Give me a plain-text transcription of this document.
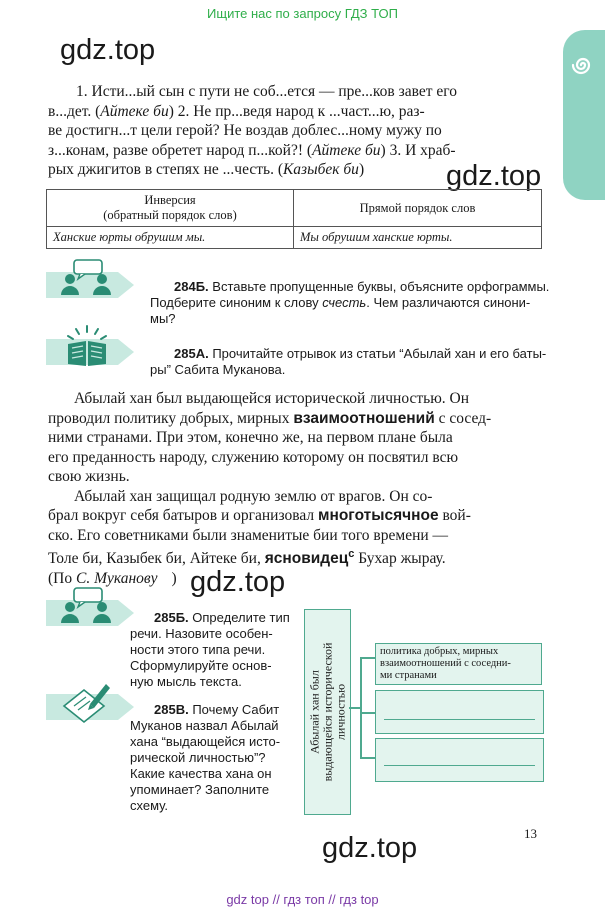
Ищите нас по запросу ГДЗ ТОП
gdz.top
1. Исти...ый сын с пути не соб...ется — пре...ков завет его
в...дет. (Айтеке би) 2. Не пр...ведя народ к ...част...ю, раз-
ве достигн...т цели герой? Не воздав доблес...ному мужу по
з...конам, разве обретет народ п...кой?! (Айтеке би) 3. И храб-
рых джигитов в степях не ...честь. (Казыбек би)	gdz.top
Инверсия
(обратный порядок слов)	Прямой порядок слов
Ханские юрты обрушим мы.	Мы обрушим ханские юрты.
284Б. Вставьте пропущенные буквы, объясните орфограммы.
Подберите синоним к слову счесть. Чем различаются синони-
мы?
285А. Прочитайте отрывок из статьи “Абылай хан и его баты-
ры” Сабита Муканова.
Абылай хан был выдающейся исторической личностью. Он
проводил политику добрых, мирных взаимоотношений с сосед-
ними странами. При этом, конечно же, на первом плане была
его преданность народу, служению которому он посвятил всю
свою жизнь.
Абылай хан защищал родную землю от врагов. Он со-
брал вокруг себя батыров и организовал многотысячное вой-
ско. Его советниками были знаменитые бии того времени —
Толе би, Казыбек би, Айтеке би, ясновидец$^с$ Бухар жырау.
(По С. Муканову ) gdz.top
285Б. Определите тип
речи. Назовите особен-
ности этого типа речи.
Сформулируйте основ-
ную мысль текста.
285В. Почему Сабит
Муканов назвал Абылай
хана “выдающейся исто-
рической личностью”?
Какие качества хана он
упоминает? Заполните
схему.
Абылай хан был выдающейся исторической личностью
политика добрых, мирных
взаимоотношений с соседни-
ми странами
13
gdz.top
gdz top // гдз топ // гдз top
